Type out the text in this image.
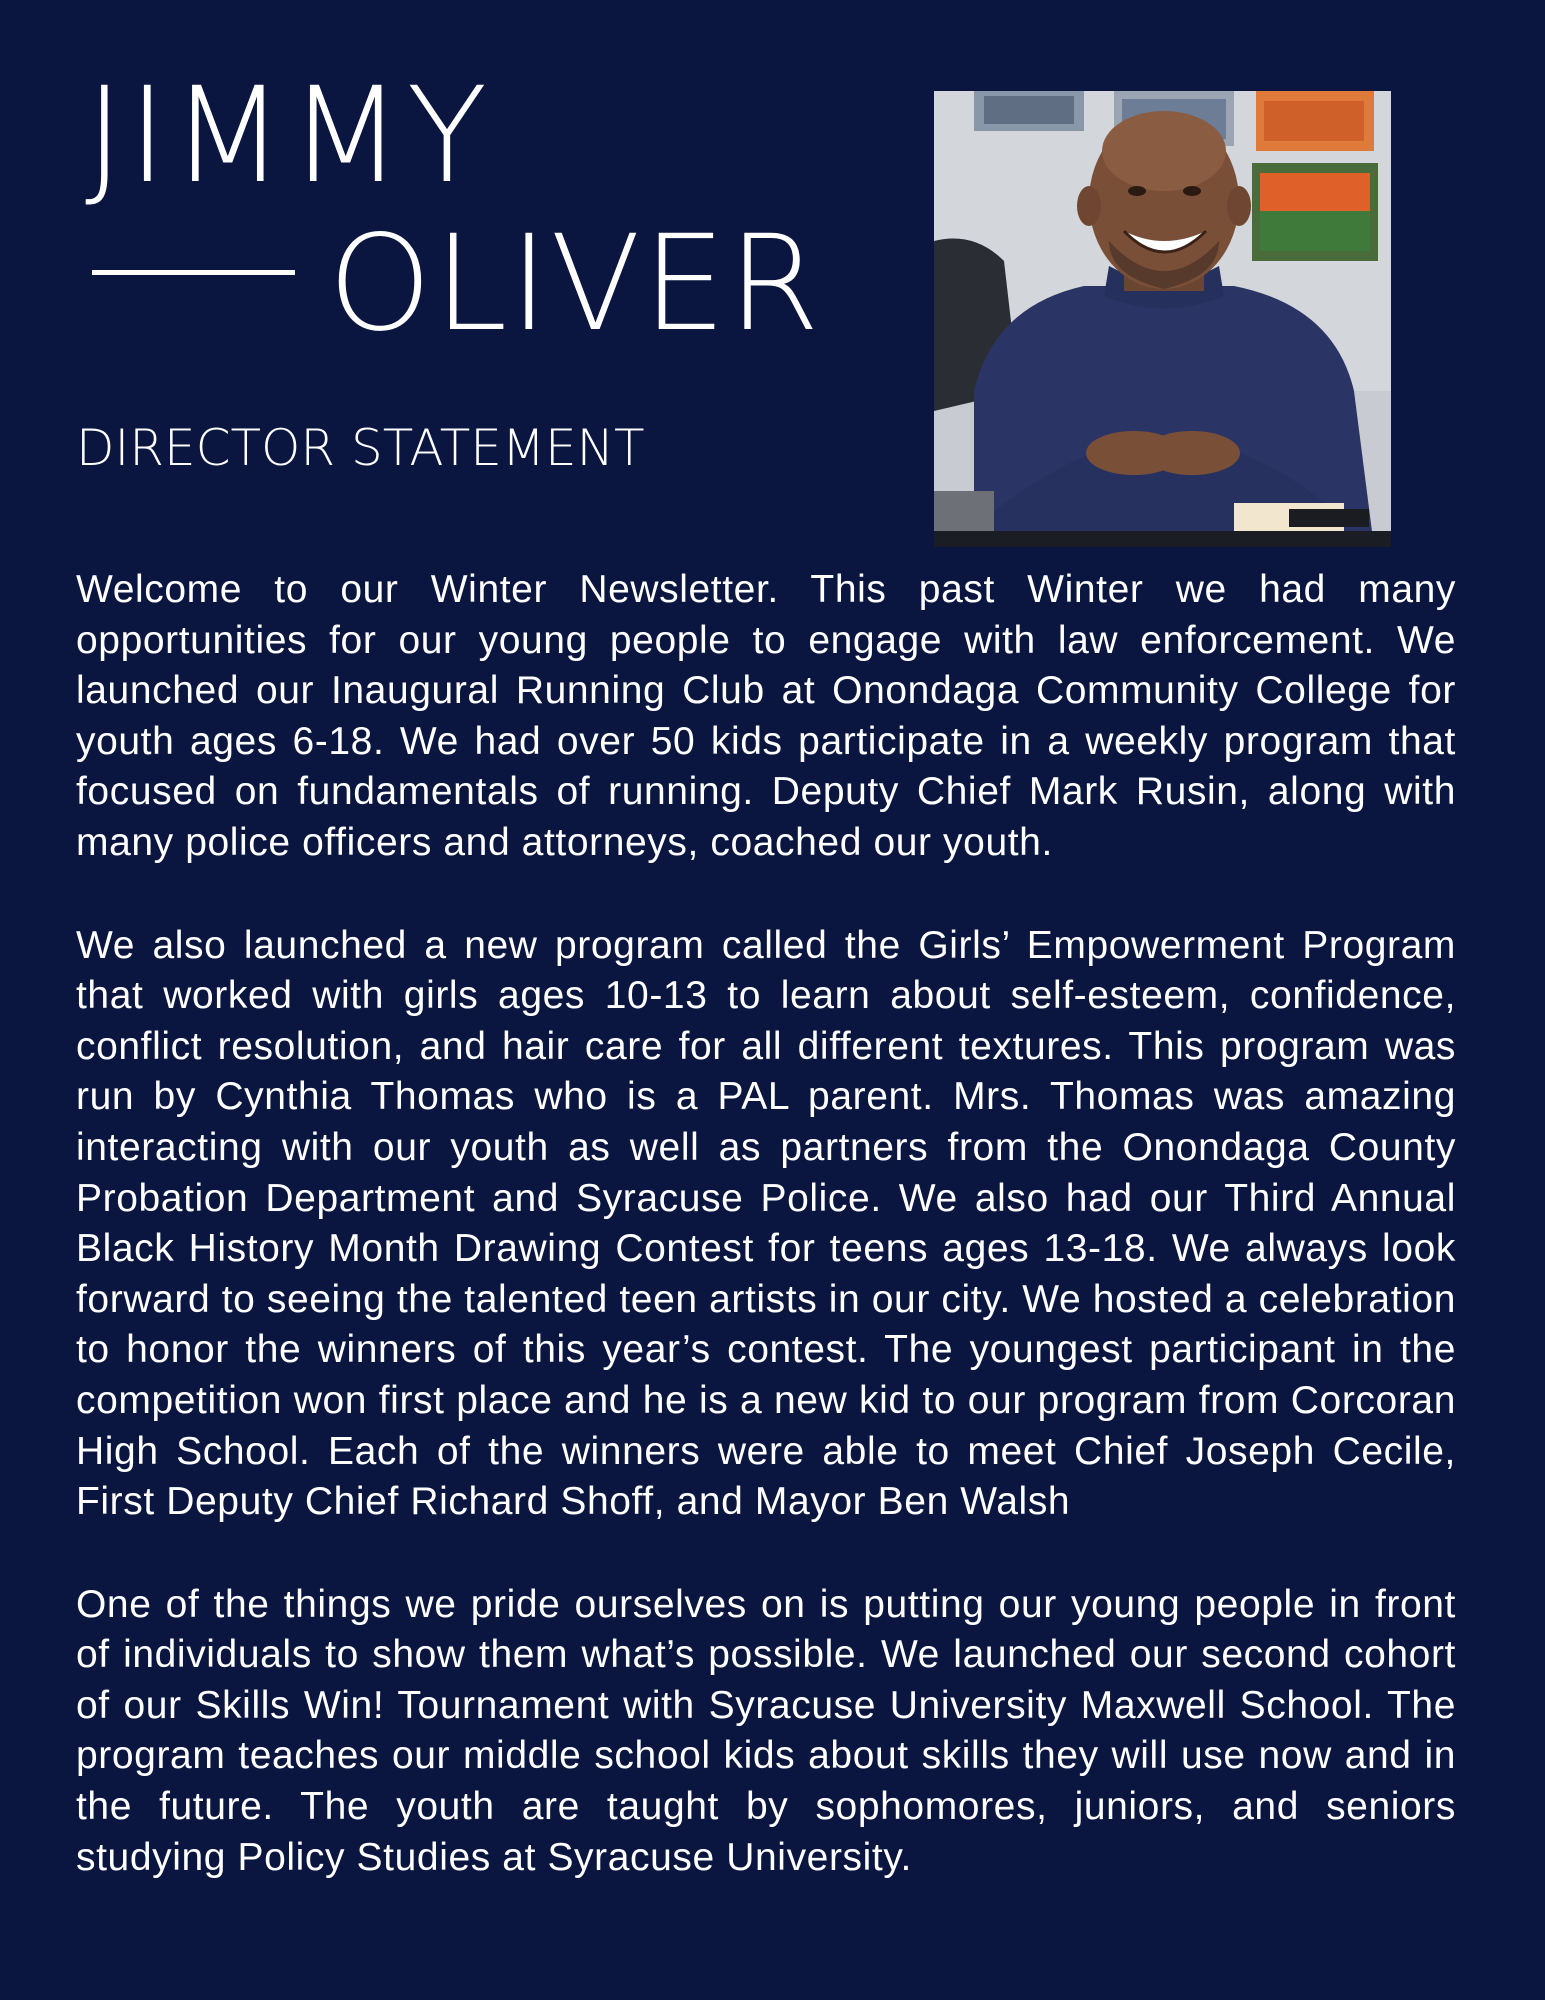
JIMMY
OLIVER
DIRECTOR STATEMENT

Welcome to our Winter Newsletter. This past Winter we had many opportunities for our young people to engage with law enforcement. We launched our Inaugural Running Club at Onondaga Community College for youth ages 6-18. We had over 50 kids participate in a weekly program that focused on fundamentals of running. Deputy Chief Mark Rusin, along with many police officers and attorneys, coached our youth.

We also launched a new program called the Girls’ Empowerment Program that worked with girls ages 10-13 to learn about self-esteem, confidence, conflict resolution, and hair care for all different textures. This program was run by Cynthia Thomas who is a PAL parent. Mrs. Thomas was amazing interacting with our youth as well as partners from the Onondaga County Probation Department and Syracuse Police. We also had our Third Annual Black History Month Drawing Contest for teens ages 13-18. We always look forward to seeing the talented teen artists in our city. We hosted a celebration to honor the winners of this year’s contest. The youngest participant in the competition won first place and he is a new kid to our program from Corcoran High School. Each of the winners were able to meet Chief Joseph Cecile, First Deputy Chief Richard Shoff, and Mayor Ben Walsh

One of the things we pride ourselves on is putting our young people in front of individuals to show them what’s possible. We launched our second cohort of our Skills Win! Tournament with Syracuse University Maxwell School. The program teaches our middle school kids about skills they will use now and in the future. The youth are taught by sophomores, juniors, and seniors studying Policy Studies at Syracuse University.
